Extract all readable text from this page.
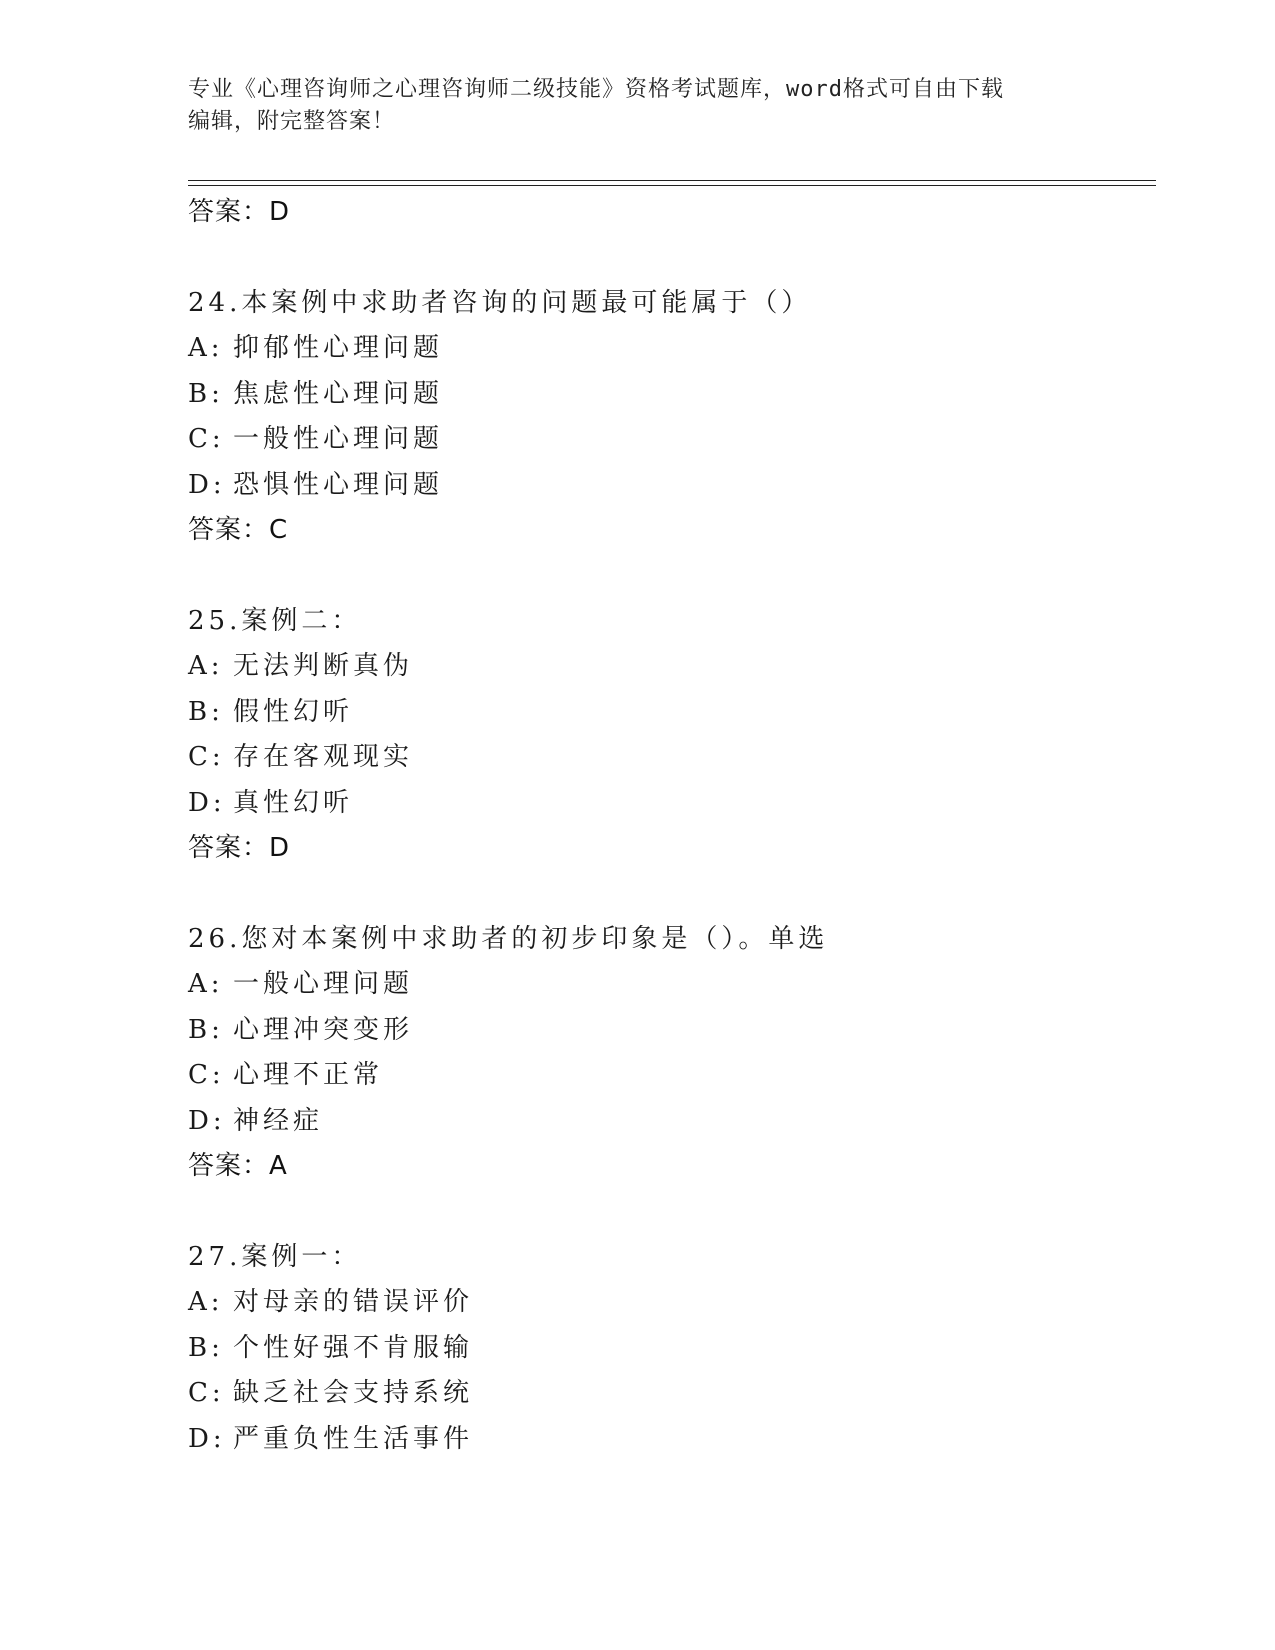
专业《心理咨询师之心理咨询师二级技能》资格考试题库，word格式可自由下载
编辑，附完整答案！
答案：D
24.本案例中求助者咨询的问题最可能属于（）
A: 抑郁性心理问题
B: 焦虑性心理问题
C: 一般性心理问题
D: 恐惧性心理问题
答案：C
25.案例二：
A: 无法判断真伪
B: 假性幻听
C: 存在客观现实
D: 真性幻听
答案：D
26.您对本案例中求助者的初步印象是（）。单选
A: 一般心理问题
B: 心理冲突变形
C: 心理不正常
D: 神经症
答案：A
27.案例一：
A: 对母亲的错误评价
B: 个性好强不肯服输
C: 缺乏社会支持系统
D: 严重负性生活事件
